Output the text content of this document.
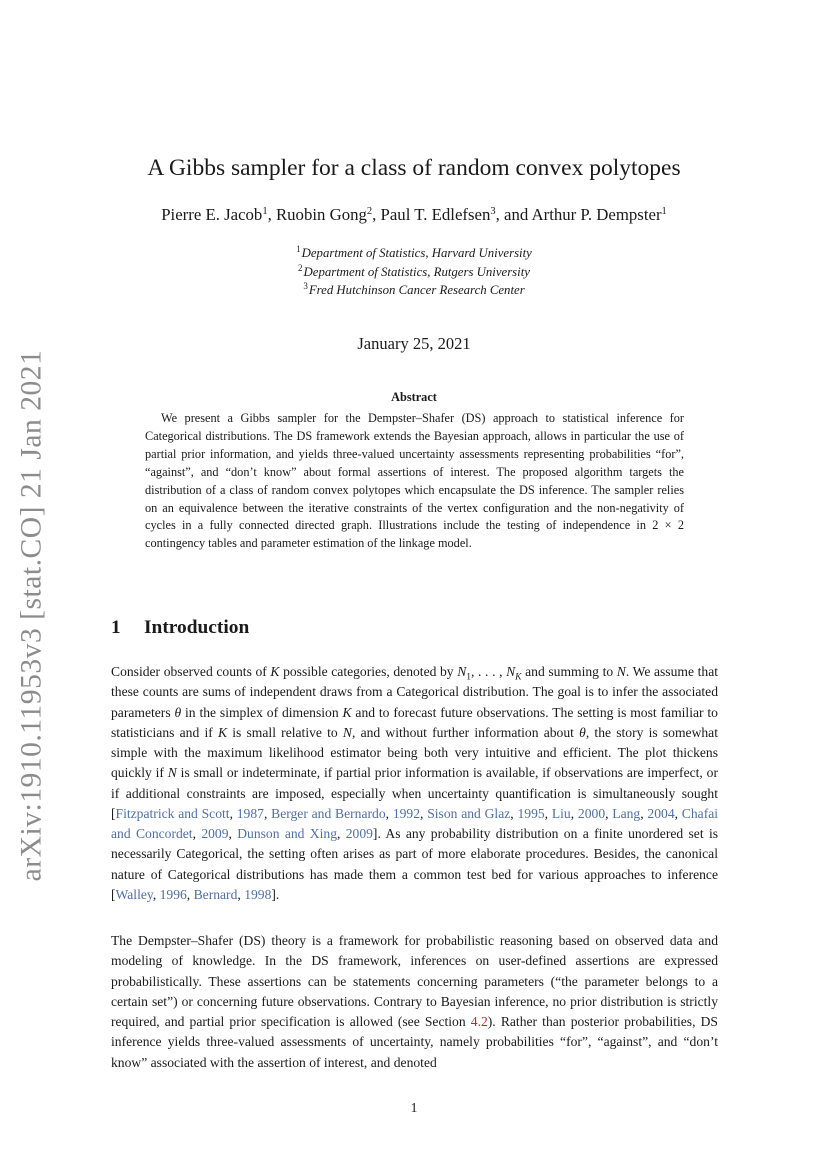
arXiv:1910.11953v3 [stat.CO] 21 Jan 2021
A Gibbs sampler for a class of random convex polytopes
Pierre E. Jacob$^1$, Ruobin Gong$^2$, Paul T. Edlefsen$^3$, and Arthur P. Dempster$^1$
$^1$Department of Statistics, Harvard University
$^2$Department of Statistics, Rutgers University
$^3$Fred Hutchinson Cancer Research Center
January 25, 2021
Abstract
We present a Gibbs sampler for the Dempster–Shafer (DS) approach to statistical inference for Categorical distributions. The DS framework extends the Bayesian approach, allows in particular the use of partial prior information, and yields three-valued uncertainty assessments representing probabilities “for”, “against”, and “don’t know” about formal assertions of interest. The proposed algorithm targets the distribution of a class of random convex polytopes which encapsulate the DS inference. The sampler relies on an equivalence between the iterative constraints of the vertex configuration and the non-negativity of cycles in a fully connected directed graph. Illustrations include the testing of independence in 2 × 2 contingency tables and parameter estimation of the linkage model.
1 Introduction
Consider observed counts of K possible categories, denoted by $N_1$, . . . , $N_K$ and summing to N. We assume that these counts are sums of independent draws from a Categorical distribution. The goal is to infer the associated parameters θ in the simplex of dimension K and to forecast future observations. The setting is most familiar to statisticians and if K is small relative to N, and without further information about θ, the story is somewhat simple with the maximum likelihood estimator being both very intuitive and efficient. The plot thickens quickly if N is small or indeterminate, if partial prior information is available, if observations are imperfect, or if additional constraints are imposed, especially when uncertainty quantification is simultaneously sought [Fitzpatrick and Scott, 1987, Berger and Bernardo, 1992, Sison and Glaz, 1995, Liu, 2000, Lang, 2004, Chafai and Concordet, 2009, Dunson and Xing, 2009]. As any probability distribution on a finite unordered set is necessarily Categorical, the setting often arises as part of more elaborate procedures. Besides, the canonical nature of Categorical distributions has made them a common test bed for various approaches to inference [Walley, 1996, Bernard, 1998].
The Dempster–Shafer (DS) theory is a framework for probabilistic reasoning based on observed data and modeling of knowledge. In the DS framework, inferences on user-defined assertions are expressed probabilistically. These assertions can be statements concerning parameters (“the parameter belongs to a certain set”) or concerning future observations. Contrary to Bayesian inference, no prior distribution is strictly required, and partial prior specification is allowed (see Section 4.2). Rather than posterior probabilities, DS inference yields three-valued assessments of uncertainty, namely probabilities “for”, “against”, and “don’t know” associated with the assertion of interest, and denoted
1
